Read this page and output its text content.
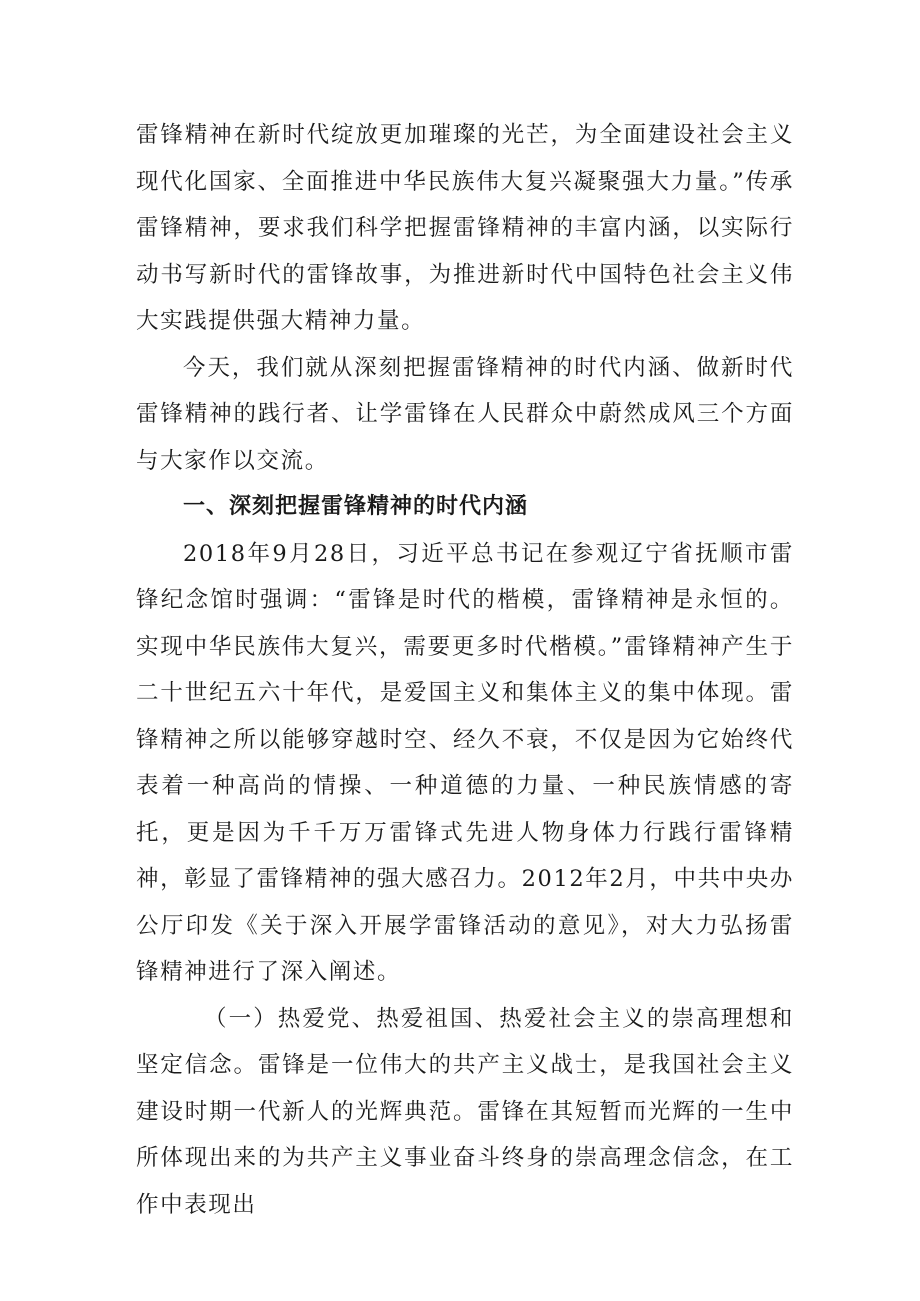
雷锋精神在新时代绽放更加璀璨的光芒，为全面建设社会主义现代化国家、全面推进中华民族伟大复兴凝聚强大力量。”传承雷锋精神，要求我们科学把握雷锋精神的丰富内涵，以实际行动书写新时代的雷锋故事，为推进新时代中国特色社会主义伟大实践提供强大精神力量。

今天，我们就从深刻把握雷锋精神的时代内涵、做新时代雷锋精神的践行者、让学雷锋在人民群众中蔚然成风三个方面与大家作以交流。

一、深刻把握雷锋精神的时代内涵

2018年9月28日，习近平总书记在参观辽宁省抚顺市雷锋纪念馆时强调：“雷锋是时代的楷模，雷锋精神是永恒的。实现中华民族伟大复兴，需要更多时代楷模。”雷锋精神产生于二十世纪五六十年代，是爱国主义和集体主义的集中体现。雷锋精神之所以能够穿越时空、经久不衰，不仅是因为它始终代表着一种高尚的情操、一种道德的力量、一种民族情感的寄托，更是因为千千万万雷锋式先进人物身体力行践行雷锋精神，彰显了雷锋精神的强大感召力。2012年2月，中共中央办公厅印发《关于深入开展学雷锋活动的意见》，对大力弘扬雷锋精神进行了深入阐述。

（一）热爱党、热爱祖国、热爱社会主义的崇高理想和坚定信念。雷锋是一位伟大的共产主义战士，是我国社会主义建设时期一代新人的光辉典范。雷锋在其短暂而光辉的一生中所体现出来的为共产主义事业奋斗终身的崇高理念信念，在工作中表现出
